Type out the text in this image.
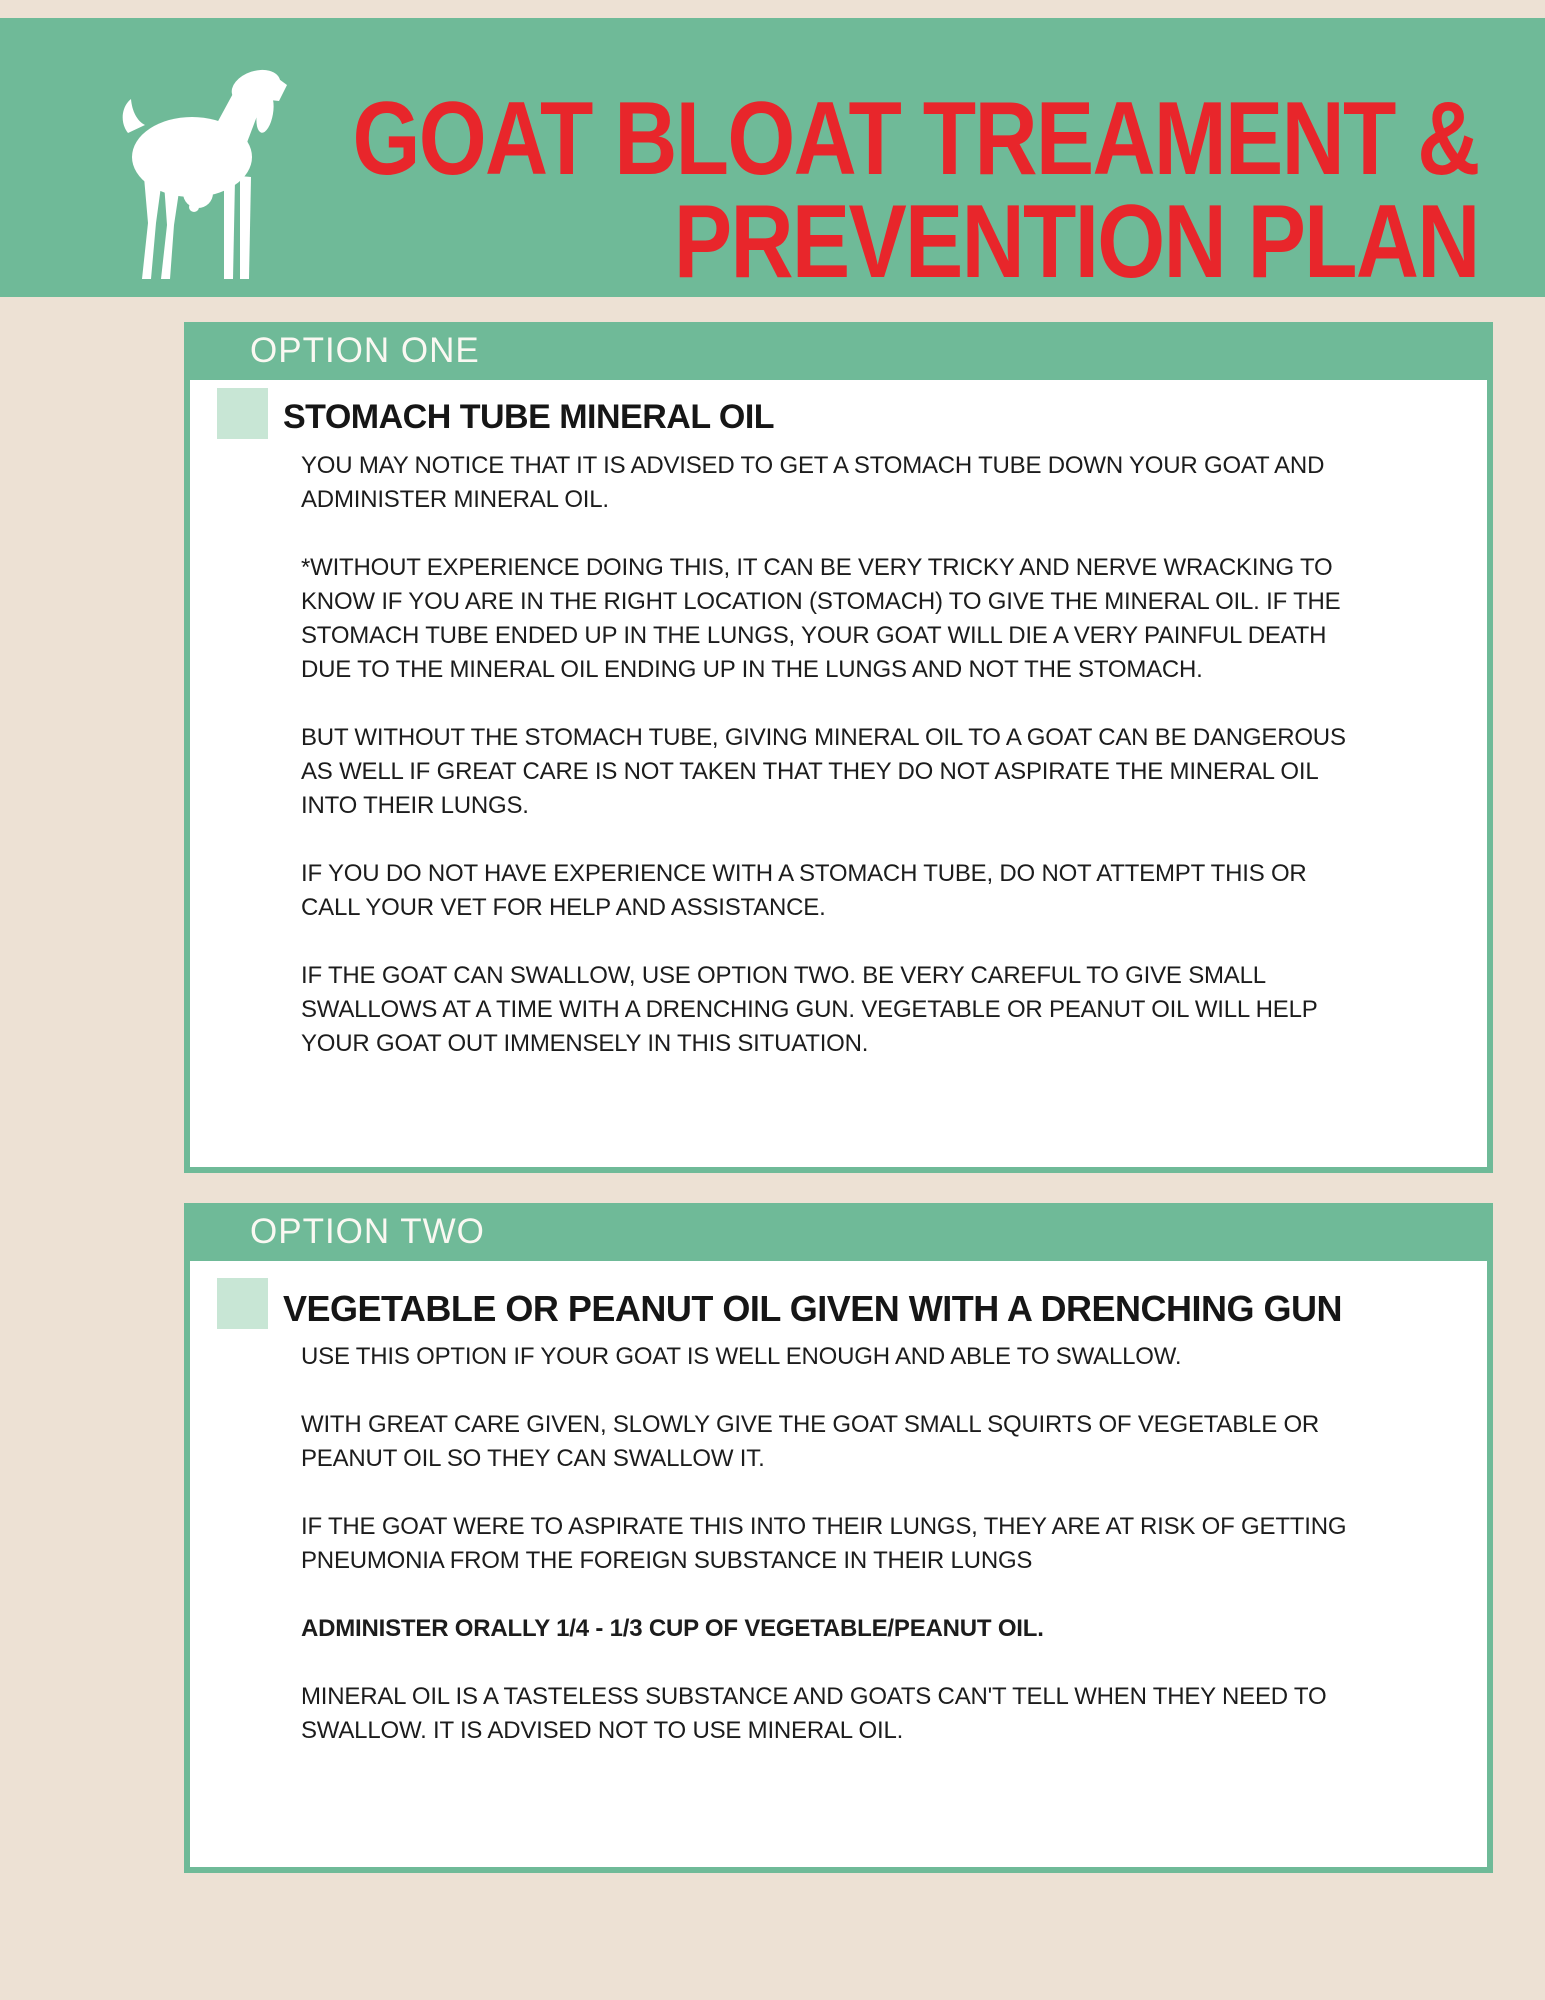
GOAT BLOAT TREAMENT &
PREVENTION PLAN
OPTION ONE
STOMACH TUBE MINERAL OIL

YOU MAY NOTICE THAT IT IS ADVISED TO GET A STOMACH TUBE DOWN YOUR GOAT AND
ADMINISTER MINERAL OIL.

*WITHOUT EXPERIENCE DOING THIS, IT CAN BE VERY TRICKY AND NERVE WRACKING TO
KNOW IF YOU ARE IN THE RIGHT LOCATION (STOMACH) TO GIVE THE MINERAL OIL. IF THE
STOMACH TUBE ENDED UP IN THE LUNGS, YOUR GOAT WILL DIE A VERY PAINFUL DEATH
DUE TO THE MINERAL OIL ENDING UP IN THE LUNGS AND NOT THE STOMACH.

BUT WITHOUT THE STOMACH TUBE, GIVING MINERAL OIL TO A GOAT CAN BE DANGEROUS
AS WELL IF GREAT CARE IS NOT TAKEN THAT THEY DO NOT ASPIRATE THE MINERAL OIL
INTO THEIR LUNGS.

IF YOU DO NOT HAVE EXPERIENCE WITH A STOMACH TUBE, DO NOT ATTEMPT THIS OR
CALL YOUR VET FOR HELP AND ASSISTANCE.

IF THE GOAT CAN SWALLOW, USE OPTION TWO. BE VERY CAREFUL TO GIVE SMALL
SWALLOWS AT A TIME WITH A DRENCHING GUN. VEGETABLE OR PEANUT OIL WILL HELP
YOUR GOAT OUT IMMENSELY IN THIS SITUATION.

OPTION TWO
VEGETABLE OR PEANUT OIL GIVEN WITH A DRENCHING GUN

USE THIS OPTION IF YOUR GOAT IS WELL ENOUGH AND ABLE TO SWALLOW.

WITH GREAT CARE GIVEN, SLOWLY GIVE THE GOAT SMALL SQUIRTS OF VEGETABLE OR
PEANUT OIL SO THEY CAN SWALLOW IT.

IF THE GOAT WERE TO ASPIRATE THIS INTO THEIR LUNGS, THEY ARE AT RISK OF GETTING
PNEUMONIA FROM THE FOREIGN SUBSTANCE IN THEIR LUNGS

ADMINISTER ORALLY 1/4 - 1/3 CUP OF VEGETABLE/PEANUT OIL.

MINERAL OIL IS A TASTELESS SUBSTANCE AND GOATS CAN'T TELL WHEN THEY NEED TO
SWALLOW. IT IS ADVISED NOT TO USE MINERAL OIL.
